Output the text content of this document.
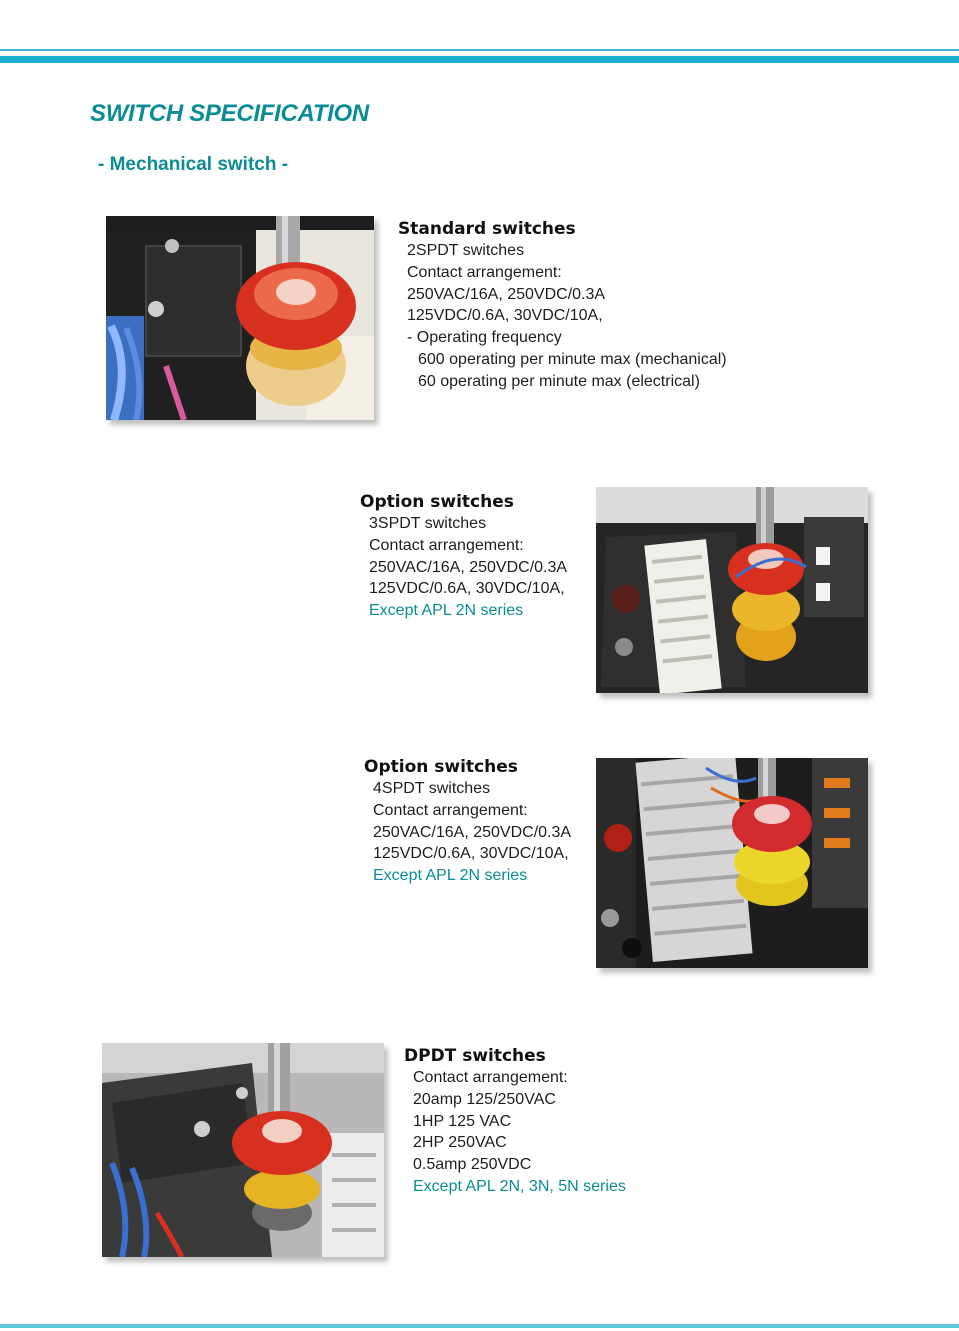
SWITCH SPECIFICATION
- Mechanical switch -
Standard switches
2SPDT switches
Contact arrangement:
250VAC/16A, 250VDC/0.3A
125VDC/0.6A, 30VDC/10A,
- Operating frequency
600 operating per minute max (mechanical)
60 operating per minute max (electrical)
Option switches
3SPDT switches
Contact arrangement:
250VAC/16A, 250VDC/0.3A
125VDC/0.6A, 30VDC/10A,
Except APL 2N series
Option switches
4SPDT switches
Contact arrangement:
250VAC/16A, 250VDC/0.3A
125VDC/0.6A, 30VDC/10A,
Except APL 2N series
DPDT switches
Contact arrangement:
20amp 125/250VAC
1HP 125 VAC
2HP 250VAC
0.5amp 250VDC
Except APL 2N, 3N, 5N series
